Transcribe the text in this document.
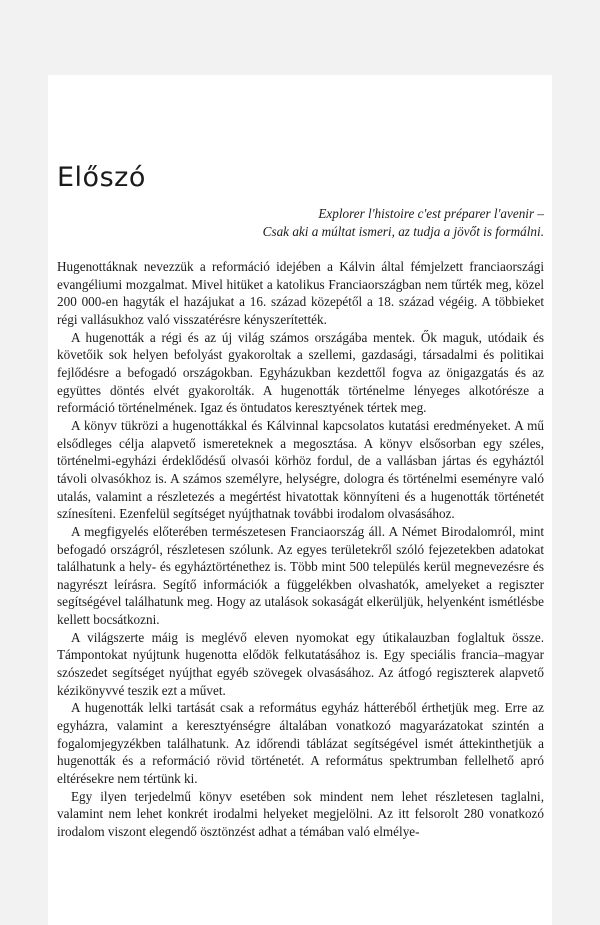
Előszó
Explorer l'histoire c'est préparer l'avenir –
Csak aki a múltat ismeri, az tudja a jövőt is formálni.

Hugenottáknak nevezzük a reformáció idejében a Kálvin által fémjelzett franciaországi evangéliumi mozgalmat. Mivel hitüket a katolikus Franciaországban nem tűrték meg, közel 200 000-en hagyták el hazájukat a 16. század közepétől a 18. század végéig. A többieket régi vallásukhoz való visszatérésre kényszerítették.

A hugenották a régi és az új világ számos országába mentek. Ők maguk, utódaik és követőik sok helyen befolyást gyakoroltak a szellemi, gazdasági, társadalmi és politikai fejlődésre a befogadó országokban. Egyházukban kezdettől fogva az önigazgatás és az együttes döntés elvét gyakorolták. A hugenották történelme lényeges alkotórésze a reformáció történelmének. Igaz és öntudatos keresztyének tértek meg.

A könyv tükrözi a hugenottákkal és Kálvinnal kapcsolatos kutatási eredményeket. A mű elsődleges célja alapvető ismereteknek a megosztása. A könyv elsősorban egy széles, történelmi-egyházi érdeklődésű olvasói körhöz fordul, de a vallásban jártas és egyháztól távoli olvasókhoz is. A számos személyre, helységre, dologra és történelmi eseményre való utalás, valamint a részletezés a megértést hivatottak könnyíteni és a hugenották történetét színesíteni. Ezenfelül segítséget nyújthatnak további irodalom olvasásához.

A megfigyelés előterében természetesen Franciaország áll. A Német Birodalomról, mint befogadó országról, részletesen szólunk. Az egyes területekről szóló fejezetekben adatokat találhatunk a hely- és egyháztörténethez is. Több mint 500 település kerül megnevezésre és nagyrészt leírásra. Segítő információk a függelékben olvashatók, amelyeket a regiszter segítségével találhatunk meg. Hogy az utalások sokaságát elkerüljük, helyenként ismétlésbe kellett bocsátkozni.

A világszerte máig is meglévő eleven nyomokat egy útikalauzban foglaltuk össze. Támpontokat nyújtunk hugenotta elődök felkutatásához is. Egy speciális francia–magyar szószedet segítséget nyújthat egyéb szövegek olvasásához. Az átfogó regiszterek alapvető kézikönyvvé teszik ezt a művet.

A hugenották lelki tartását csak a református egyház hátteréből érthetjük meg. Erre az egyházra, valamint a keresztyénségre általában vonatkozó magyarázatokat szintén a fogalomjegyzékben találhatunk. Az időrendi táblázat segítségével ismét áttekinthetjük a hugenották és a reformáció rövid történetét. A református spektrumban fellelhető apró eltérésekre nem tértünk ki.

Egy ilyen terjedelmű könyv esetében sok mindent nem lehet részletesen taglalni, valamint nem lehet konkrét irodalmi helyeket megjelölni. Az itt felsorolt 280 vonatkozó irodalom viszont elegendő ösztönzést adhat a témában való elmélye-
